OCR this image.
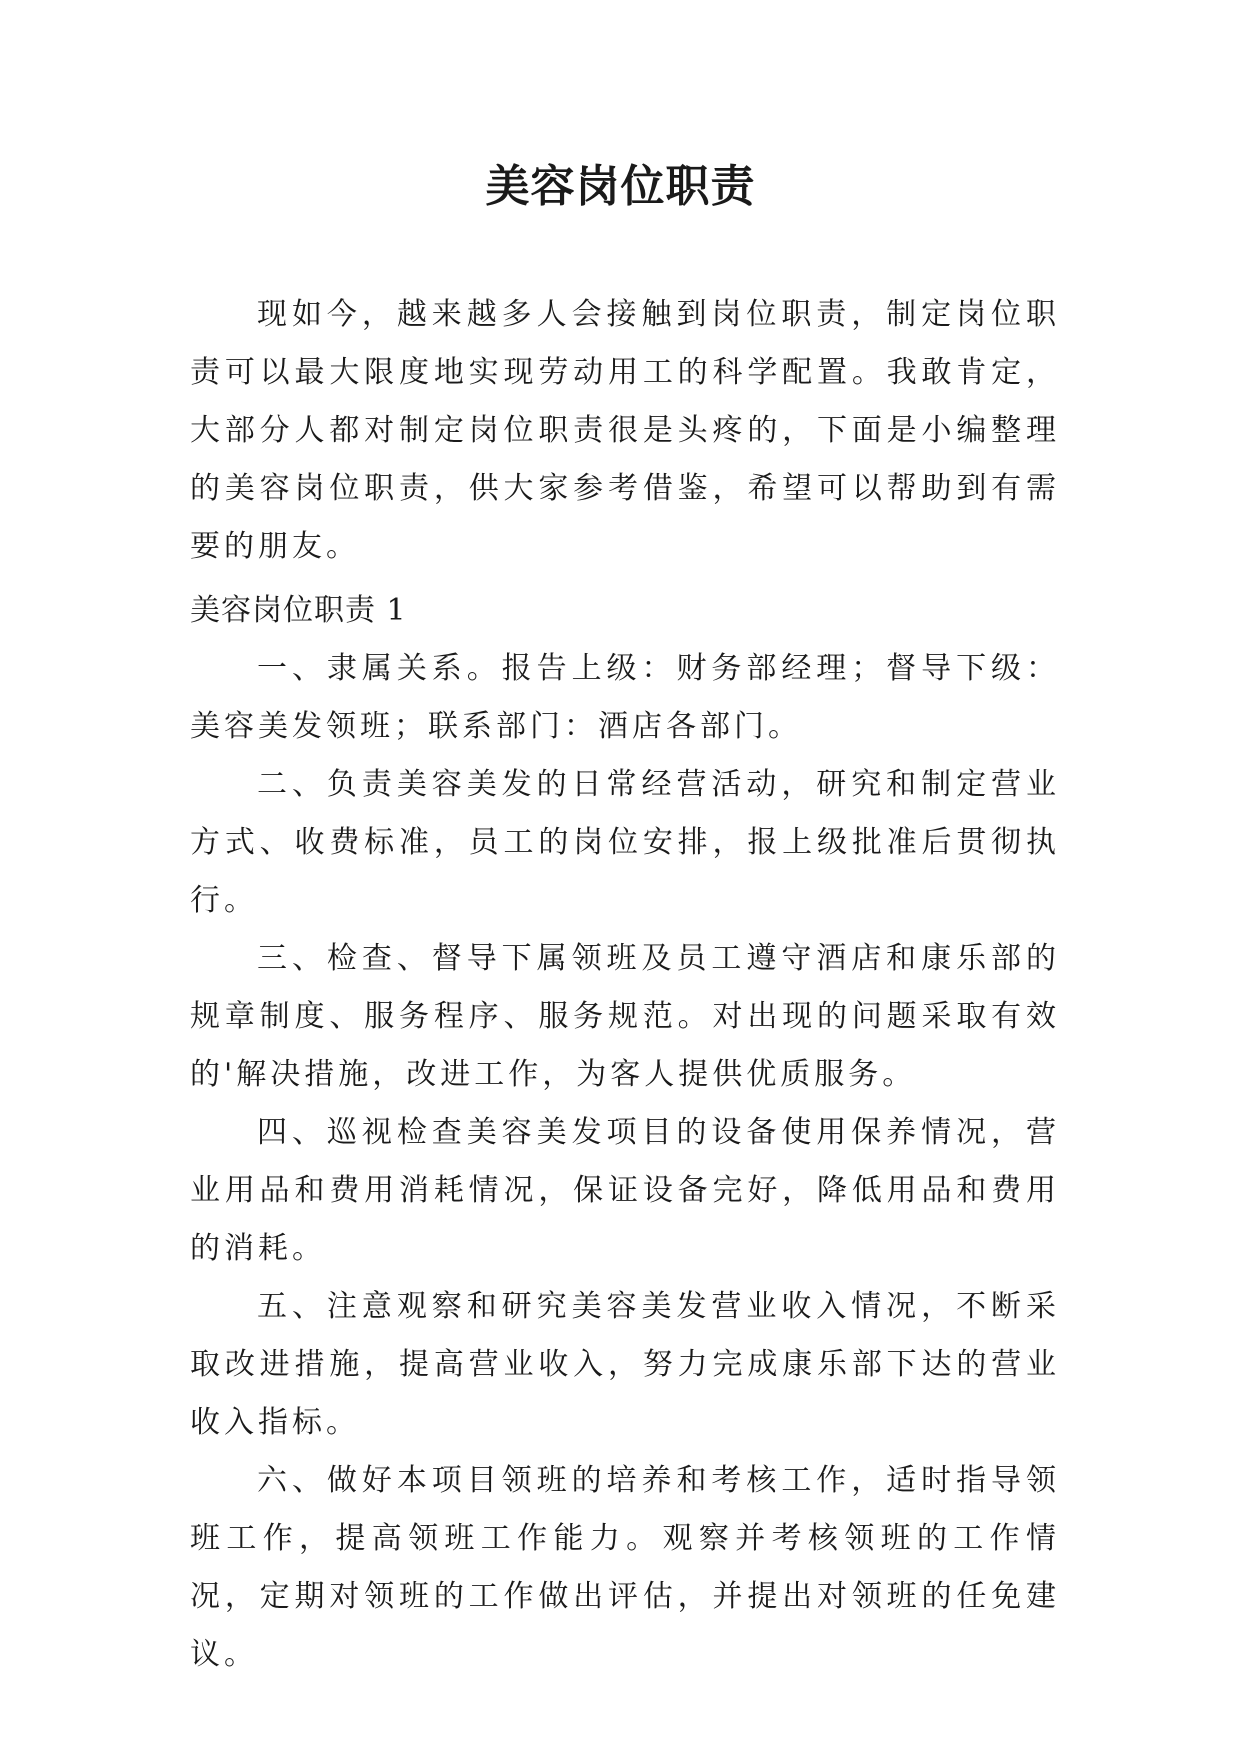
美容岗位职责

现如今，越来越多人会接触到岗位职责，制定岗位职责可以最大限度地实现劳动用工的科学配置。我敢肯定，大部分人都对制定岗位职责很是头疼的，下面是小编整理的美容岗位职责，供大家参考借鉴，希望可以帮助到有需要的朋友。

美容岗位职责 1

一、隶属关系。报告上级：财务部经理；督导下级：美容美发领班；联系部门：酒店各部门。

二、负责美容美发的日常经营活动，研究和制定营业方式、收费标准，员工的岗位安排，报上级批准后贯彻执行。

三、检查、督导下属领班及员工遵守酒店和康乐部的规章制度、服务程序、服务规范。对出现的问题采取有效的'解决措施，改进工作，为客人提供优质服务。

四、巡视检查美容美发项目的设备使用保养情况，营业用品和费用消耗情况，保证设备完好，降低用品和费用的消耗。

五、注意观察和研究美容美发营业收入情况，不断采取改进措施，提高营业收入，努力完成康乐部下达的营业收入指标。

六、做好本项目领班的培养和考核工作，适时指导领班工作，提高领班工作能力。观察并考核领班的工作情况，定期对领班的工作做出评估，并提出对领班的任免建议。
